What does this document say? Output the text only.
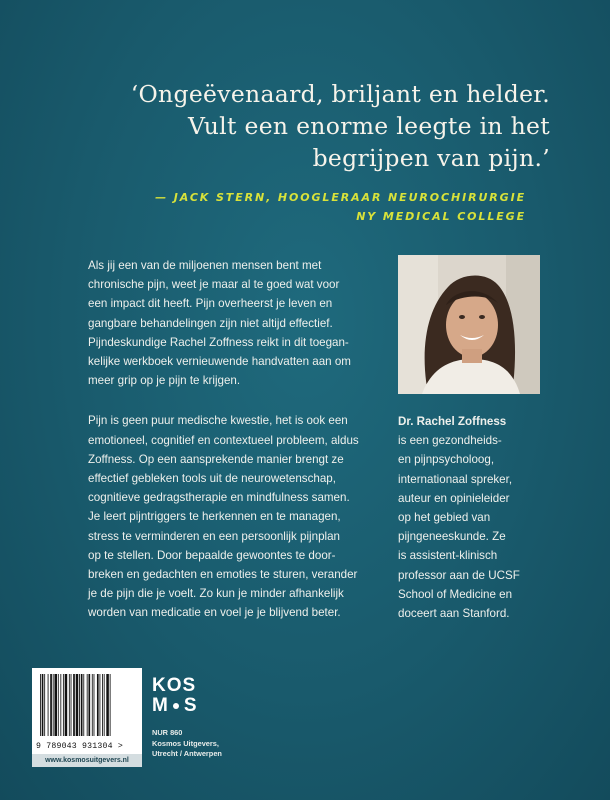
‘Ongeëvenaard, briljant en helder.
Vult een enorme leegte in het
begrijpen van pijn.’
— JACK STERN, HOOGLERAAR NEUROCHIRURGIE
NY MEDICAL COLLEGE
Als jij een van de miljoenen mensen bent met
chronische pijn, weet je maar al te goed wat voor
een impact dit heeft. Pijn overheerst je leven en
gangbare behandelingen zijn niet altijd effectief.
Pijndeskundige Rachel Zoffness reikt in dit toegan-
kelijke werkboek vernieuwende handvatten aan om
meer grip op je pijn te krijgen.
Pijn is geen puur medische kwestie, het is ook een
emotioneel, cognitief en contextueel probleem, aldus
Zoffness. Op een aansprekende manier brengt ze
effectief gebleken tools uit de neurowetenschap,
cognitieve gedragstherapie en mindfulness samen.
Je leert pijntriggers te herkennen en te managen,
stress te verminderen en een persoonlijk pijnplan
op te stellen. Door bepaalde gewoontes te door-
breken en gedachten en emoties te sturen, verander
je de pijn die je voelt. Zo kun je minder afhankelijk
worden van medicatie en voel je je blijvend beter.
Dr. Rachel Zoffness
is een gezondheids-
en pijnpsycholoog,
internationaal spreker,
auteur en opinieleider
op het gebied van
pijngeneeskunde. Ze
is assistent-klinisch
professor aan de UCSF
School of Medicine en
doceert aan Stanford.
9 789043 931304 >
www.kosmosuitgevers.nl
KOS
M S
NUR 860
Kosmos Uitgevers,
Utrecht / Antwerpen
